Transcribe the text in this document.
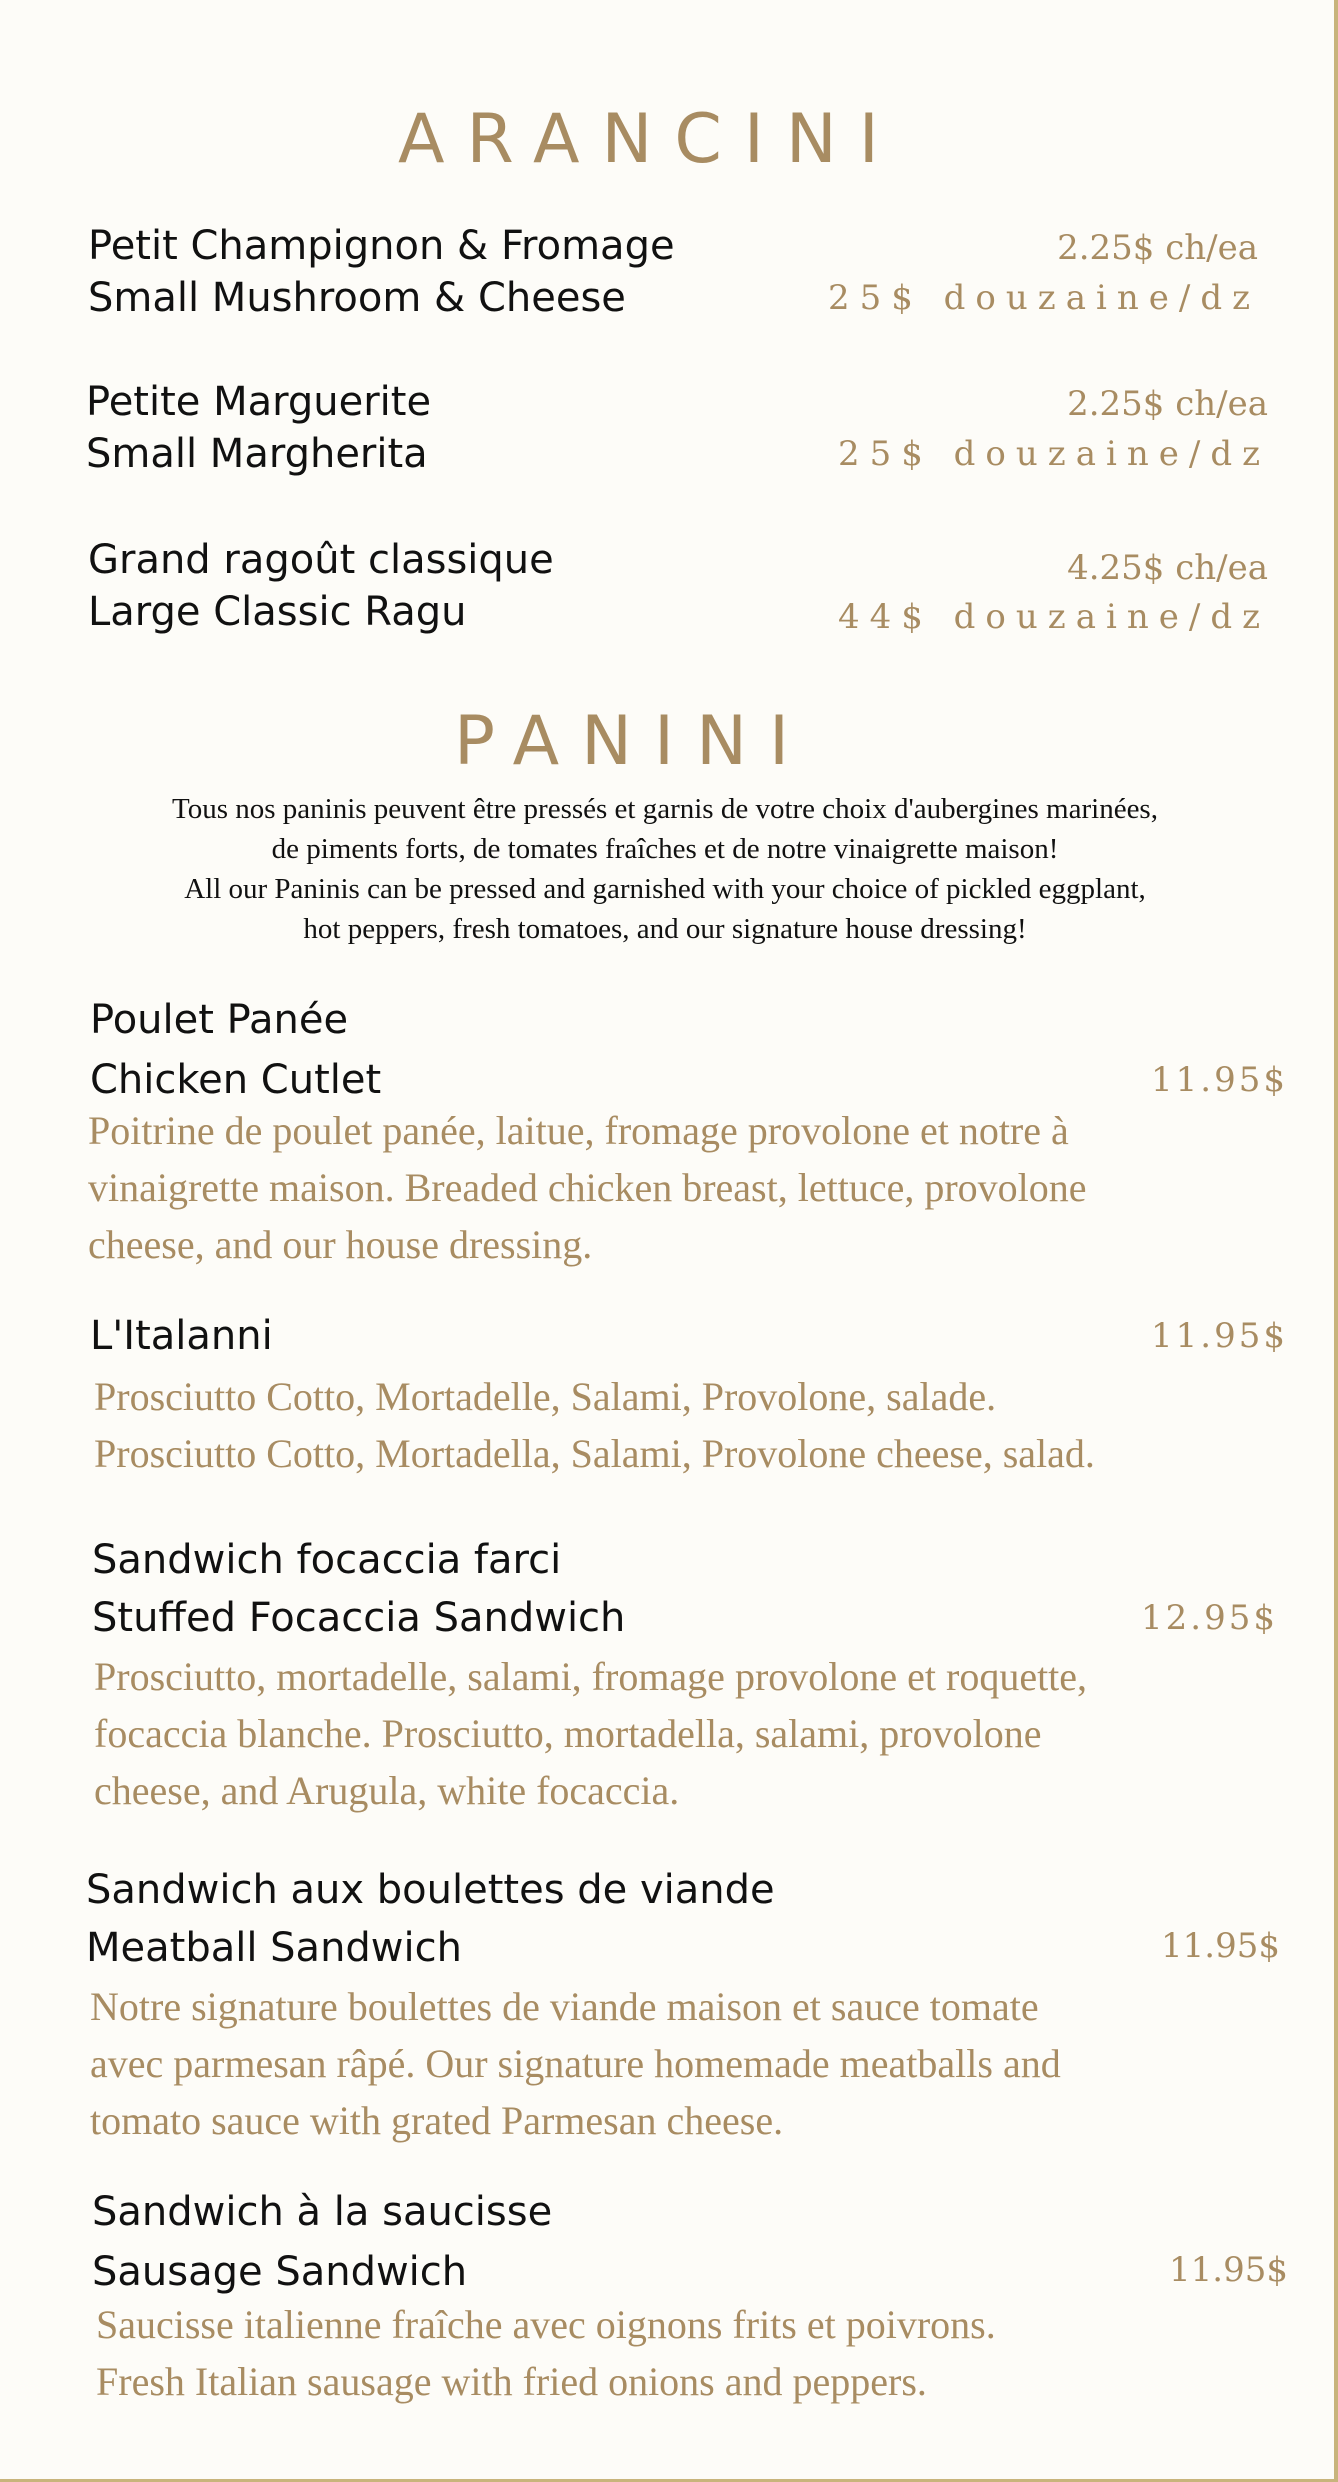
ARANCINI
Petit Champignon & Fromage
Small Mushroom & Cheese
2.25$ ch/ea
25$ douzaine/dz
Petite Marguerite
Small Margherita
2.25$ ch/ea
25$ douzaine/dz
Grand ragoût classique
Large Classic Ragu
4.25$ ch/ea
44$ douzaine/dz
PANINI
Tous nos paninis peuvent être pressés et garnis de votre choix d'aubergines marinées,
de piments forts, de tomates fraîches et de notre vinaigrette maison!
All our Paninis can be pressed and garnished with your choice of pickled eggplant,
hot peppers, fresh tomatoes, and our signature house dressing!
Poulet Panée
Chicken Cutlet	11.95$
Poitrine de poulet panée, laitue, fromage provolone et notre à
vinaigrette maison. Breaded chicken breast, lettuce, provolone
cheese, and our house dressing.
L'Italanni	11.95$
Prosciutto Cotto, Mortadelle, Salami, Provolone, salade.
Prosciutto Cotto, Mortadella, Salami, Provolone cheese, salad.
Sandwich focaccia farci
Stuffed Focaccia Sandwich	12.95$
Prosciutto, mortadelle, salami, fromage provolone et roquette,
focaccia blanche. Prosciutto, mortadella, salami, provolone
cheese, and Arugula, white focaccia.
Sandwich aux boulettes de viande
Meatball Sandwich	11.95$
Notre signature boulettes de viande maison et sauce tomate
avec parmesan râpé. Our signature homemade meatballs and
tomato sauce with grated Parmesan cheese.
Sandwich à la saucisse
Sausage Sandwich	11.95$
Saucisse italienne fraîche avec oignons frits et poivrons.
Fresh Italian sausage with fried onions and peppers.
